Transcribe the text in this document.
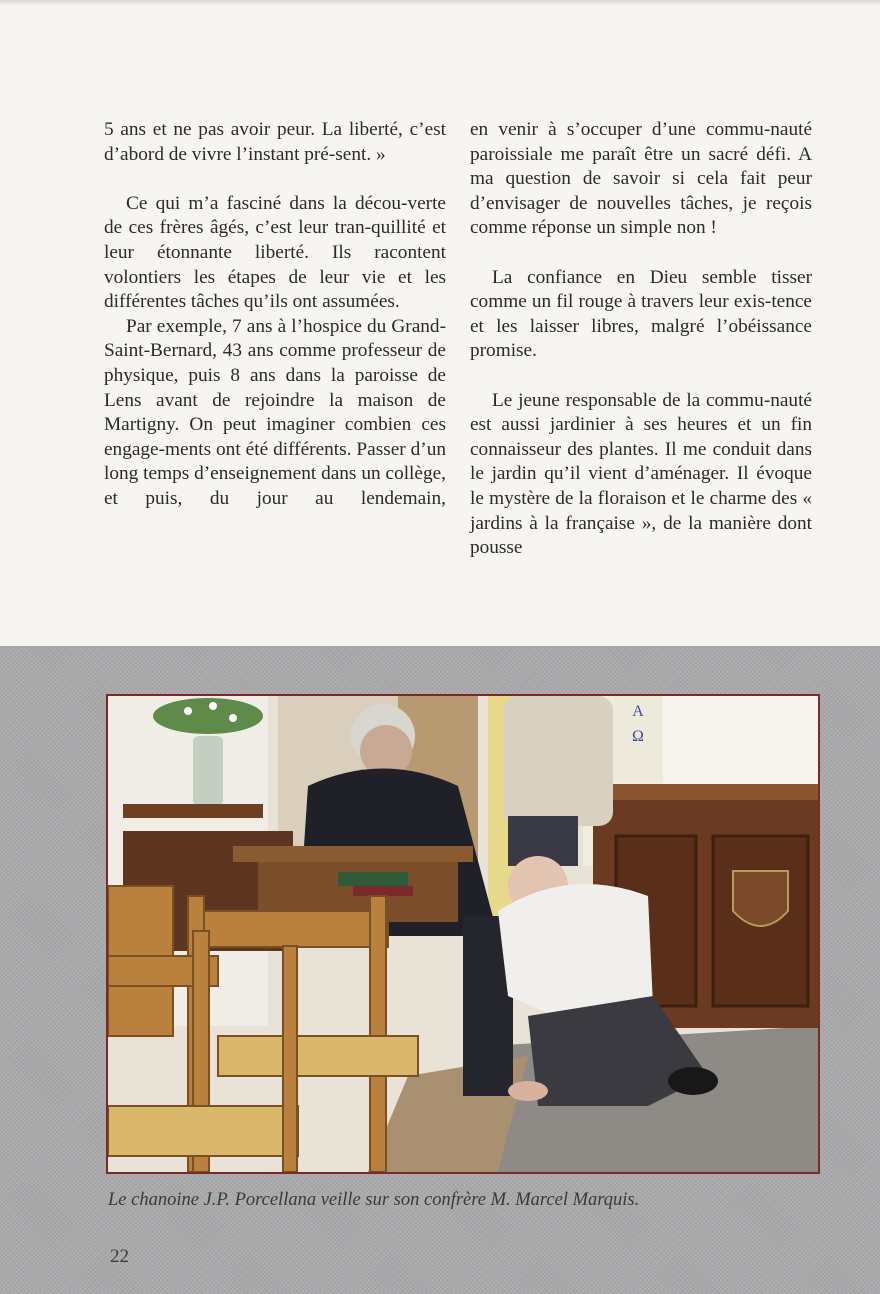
5 ans et ne pas avoir peur. La liberté, c’est d’abord de vivre l’instant pré-sent. »

Ce qui m’a fasciné dans la décou-verte de ces frères âgés, c’est leur tran-quillité et leur étonnante liberté. Ils racontent volontiers les étapes de leur vie et les différentes tâches qu’ils ont assumées.

Par exemple, 7 ans à l’hospice du Grand-Saint-Bernard, 43 ans comme professeur de physique, puis 8 ans dans la paroisse de Lens avant de rejoindre la maison de Martigny. On peut imaginer combien ces engage-ments ont été différents. Passer d’un long temps d’enseignement dans un collège, et puis, du jour au lendemain,

en venir à s’occuper d’une commu-nauté paroissiale me paraît être un sacré défi. A ma question de savoir si cela fait peur d’envisager de nouvelles tâches, je reçois comme réponse un simple non !

La confiance en Dieu semble tisser comme un fil rouge à travers leur exis-tence et les laisser libres, malgré l’obéissance promise.

Le jeune responsable de la commu-nauté est aussi jardinier à ses heures et un fin connaisseur des plantes. Il me conduit dans le jardin qu’il vient d’aménager. Il évoque le mystère de la floraison et le charme des « jardins à la française », de la manière dont pousse

A
Ω
Le chanoine J.P. Porcellana veille sur son confrère M. Marcel Marquis.
22
